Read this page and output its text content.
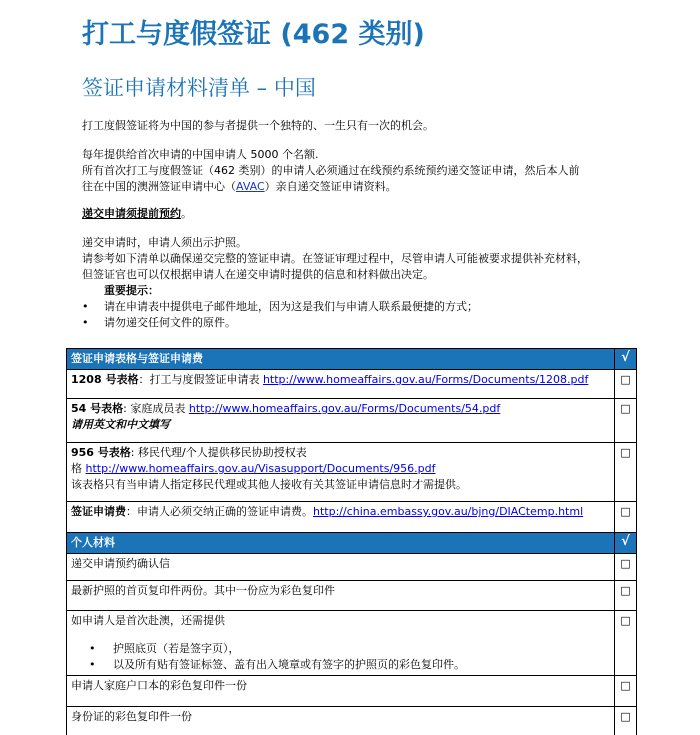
打工与度假签证 (462 类别)
签证申请材料清单 – 中国
打工度假签证将为中国的参与者提供一个独特的、一生只有一次的机会。
每年提供给首次申请的中国申请人 5000 个名额.
所有首次打工与度假签证（462 类别）的申请人必须通过在线预约系统预约递交签证申请，然后本人前
往在中国的澳洲签证申请中心（AVAC）亲自递交签证申请资料。
递交申请须提前预约。
递交申请时，申请人须出示护照。
请参考如下清单以确保递交完整的签证申请。在签证审理过程中，尽管申请人可能被要求提供补充材料，
但签证官也可以仅根据申请人在递交申请时提供的信息和材料做出决定。
重要提示：
• 请在申请表中提供电子邮件地址，因为这是我们与申请人联系最便捷的方式；
• 请勿递交任何文件的原件。
签证申请表格与签证申请费	√
1208 号表格：打工与度假签证申请表 http://www.homeaffairs.gov.au/Forms/Documents/1208.pdf	□
54 号表格: 家庭成员表 http://www.homeaffairs.gov.au/Forms/Documents/54.pdf
请用英文和中文填写	□
956 号表格: 移民代理/个人提供移民协助授权表
格 http://www.homeaffairs.gov.au/Visasupport/Documents/956.pdf
该表格只有当申请人指定移民代理或其他人接收有关其签证申请信息时才需提供。	□
签证申请费：申请人必须交纳正确的签证申请费。http://china.embassy.gov.au/bjng/DIACtemp.html	□
个人材料	√
递交申请预约确认信	□
最新护照的首页复印件两份。其中一份应为彩色复印件	□

如申请人是首次赴澳，还需提供
• 护照底页（若是签字页），
• 以及所有贴有签证标签、盖有出入境章或有签字的护照页的彩色复印件。	□
申请人家庭户口本的彩色复印件一份	□
身份证的彩色复印件一份	□
